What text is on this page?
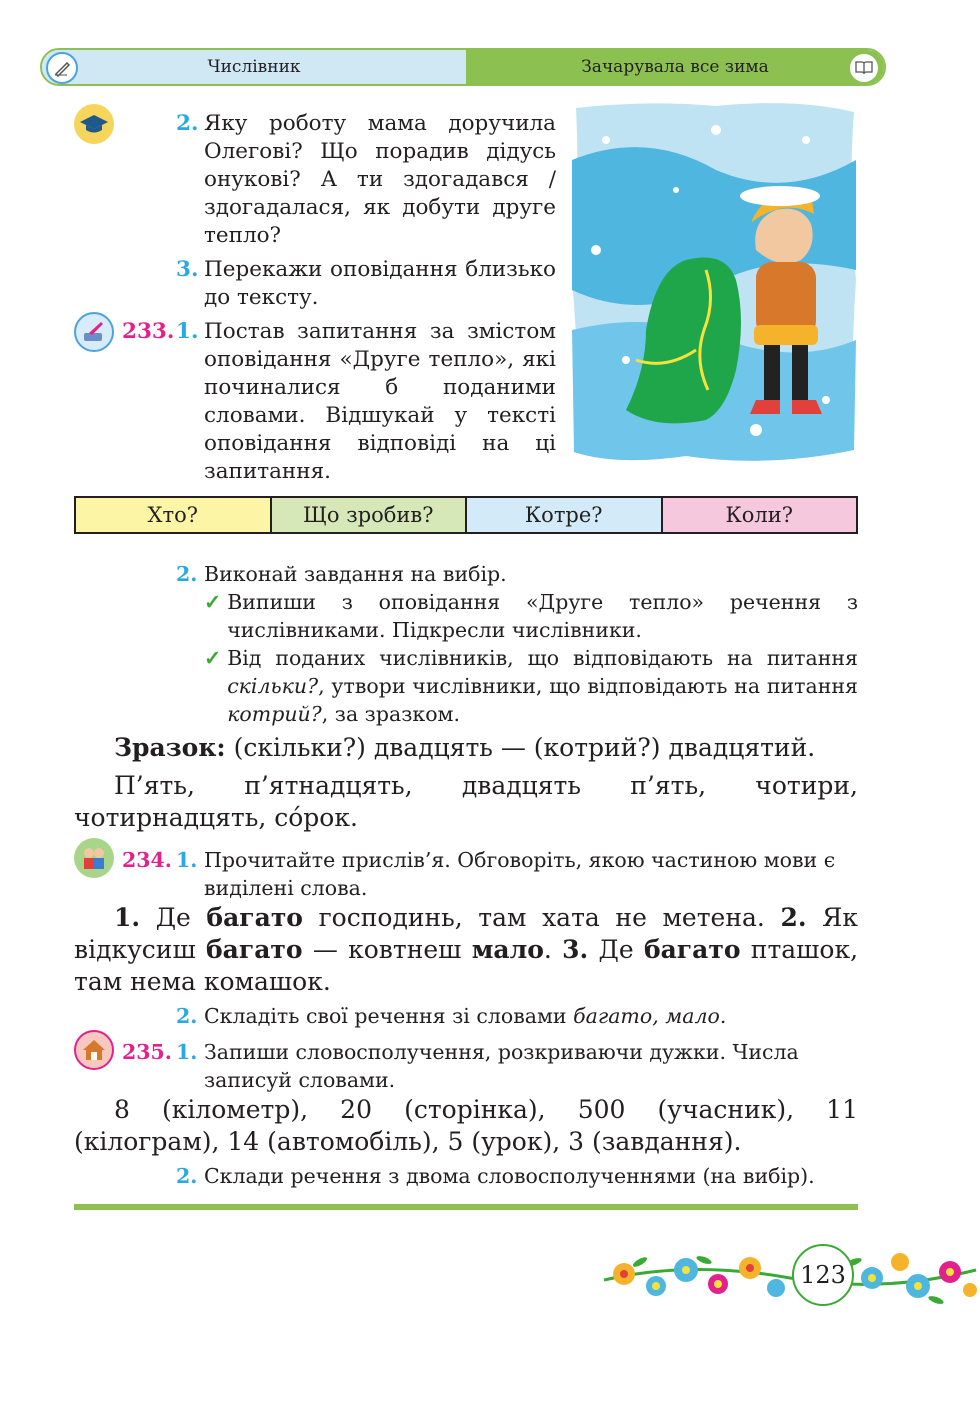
Числівник	Зачарувала все зима
2. Яку роботу мама доручила Олегові? Що порадив дідусь онукові? А ти здогадався / здогадалася, як добути друге тепло?
3. Перекажи оповідання близько до тексту.
233. 1. Постав запитання за змістом оповідання «Друге тепло», які починалися б поданими словами. Відшукай у тексті оповідання відповіді на ці запитання.
Хто?	Що зробив?	Котре?	Коли?
2. Виконай завдання на вибір.
✓ Випиши з оповідання «Друге тепло» речення з числівниками. Підкресли числівники.
✓ Від поданих числівників, що відповідають на питання скільки?, утвори числівники, що відповідають на питання котрий?, за зразком.
Зразок: (скільки?) двадцять — (котрий?) двадцятий.
П’ять, п’ятнадцять, двадцять п’ять, чотири, чотирнадцять, со́рок.
234. 1. Прочитайте прислів’я. Обговоріть, якою частиною мови є виділені слова.
1. Де багато господинь, там хата не метена. 2. Як відкусиш багато — ковтнеш мало. 3. Де багато пташок, там нема комашок.
2. Складіть свої речення зі словами багато, мало.
235. 1. Запиши словосполучення, розкриваючи дужки. Числа записуй словами.
8 (кілометр), 20 (сторінка), 500 (учасник), 11 (кілограм), 14 (автомобіль), 5 (урок), 3 (завдання).
2. Склади речення з двома словосполученнями (на вибір).
123
